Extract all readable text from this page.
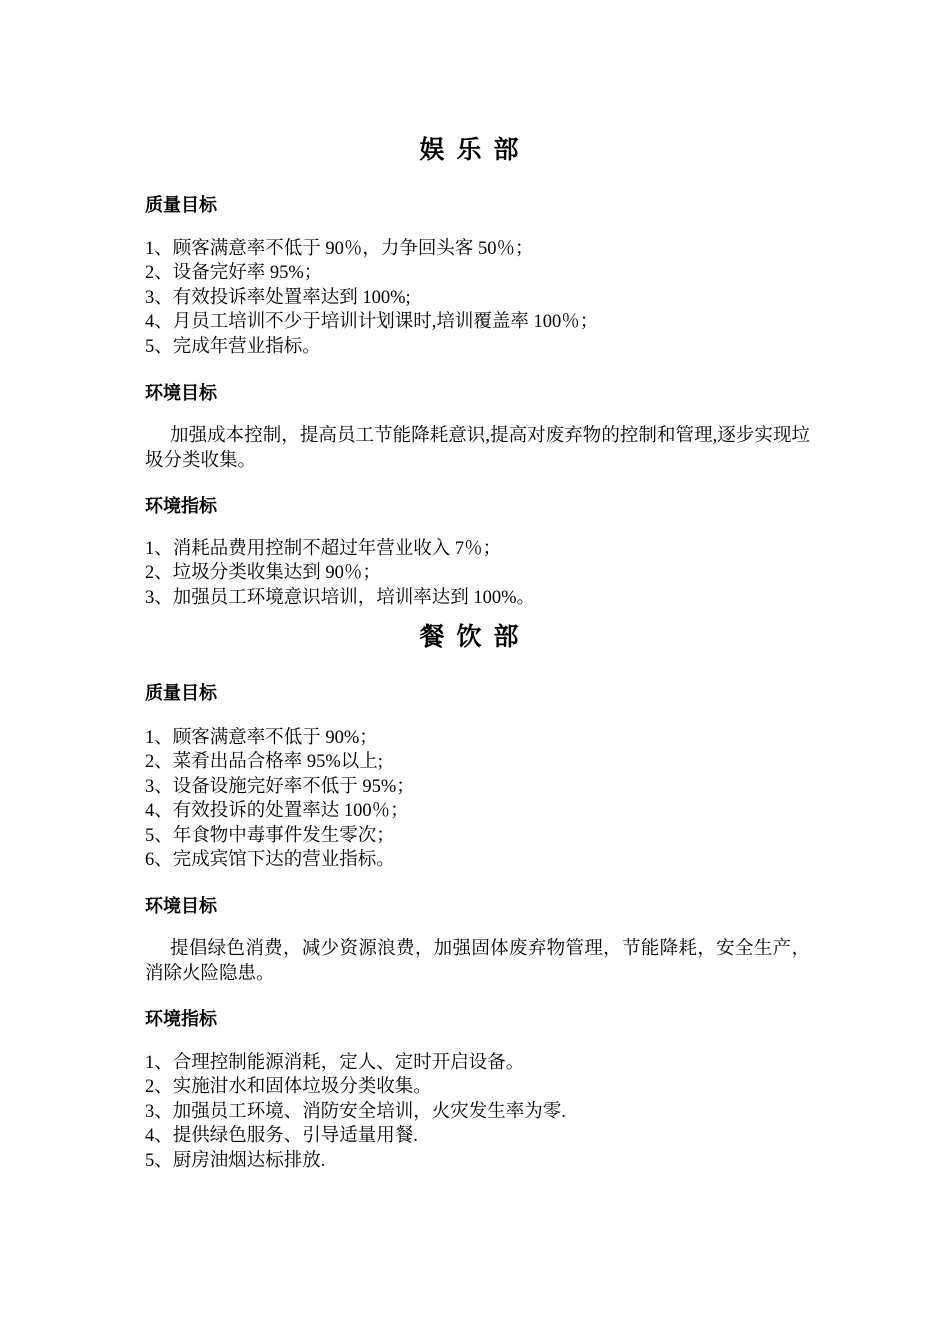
娱乐部
质量目标
1、顾客满意率不低于 90％，力争回头客 50％；
2、设备完好率 95%；
3、有效投诉率处置率达到 100%;
4、月员工培训不少于培训计划课时,培训覆盖率 100％；
5、完成年营业指标。
环境目标

加强成本控制，提高员工节能降耗意识,提高对废弃物的控制和管理,逐步实现垃圾分类收集。

环境指标
1、消耗品费用控制不超过年营业收入 7％；
2、垃圾分类收集达到 90％；
3、加强员工环境意识培训，培训率达到 100%。
餐饮部
质量目标
1、顾客满意率不低于 90%；
2、菜肴出品合格率 95%以上;
3、设备设施完好率不低于 95%；
4、有效投诉的处置率达 100％；
5、年食物中毒事件发生零次；
6、完成宾馆下达的营业指标。
环境目标

提倡绿色消费，减少资源浪费，加强固体废弃物管理，节能降耗，安全生产，消除火险隐患。

环境指标
1、合理控制能源消耗，定人、定时开启设备。
2、实施泔水和固体垃圾分类收集。
3、加强员工环境、消防安全培训，火灾发生率为零.
4、提供绿色服务、引导适量用餐.
5、厨房油烟达标排放.
